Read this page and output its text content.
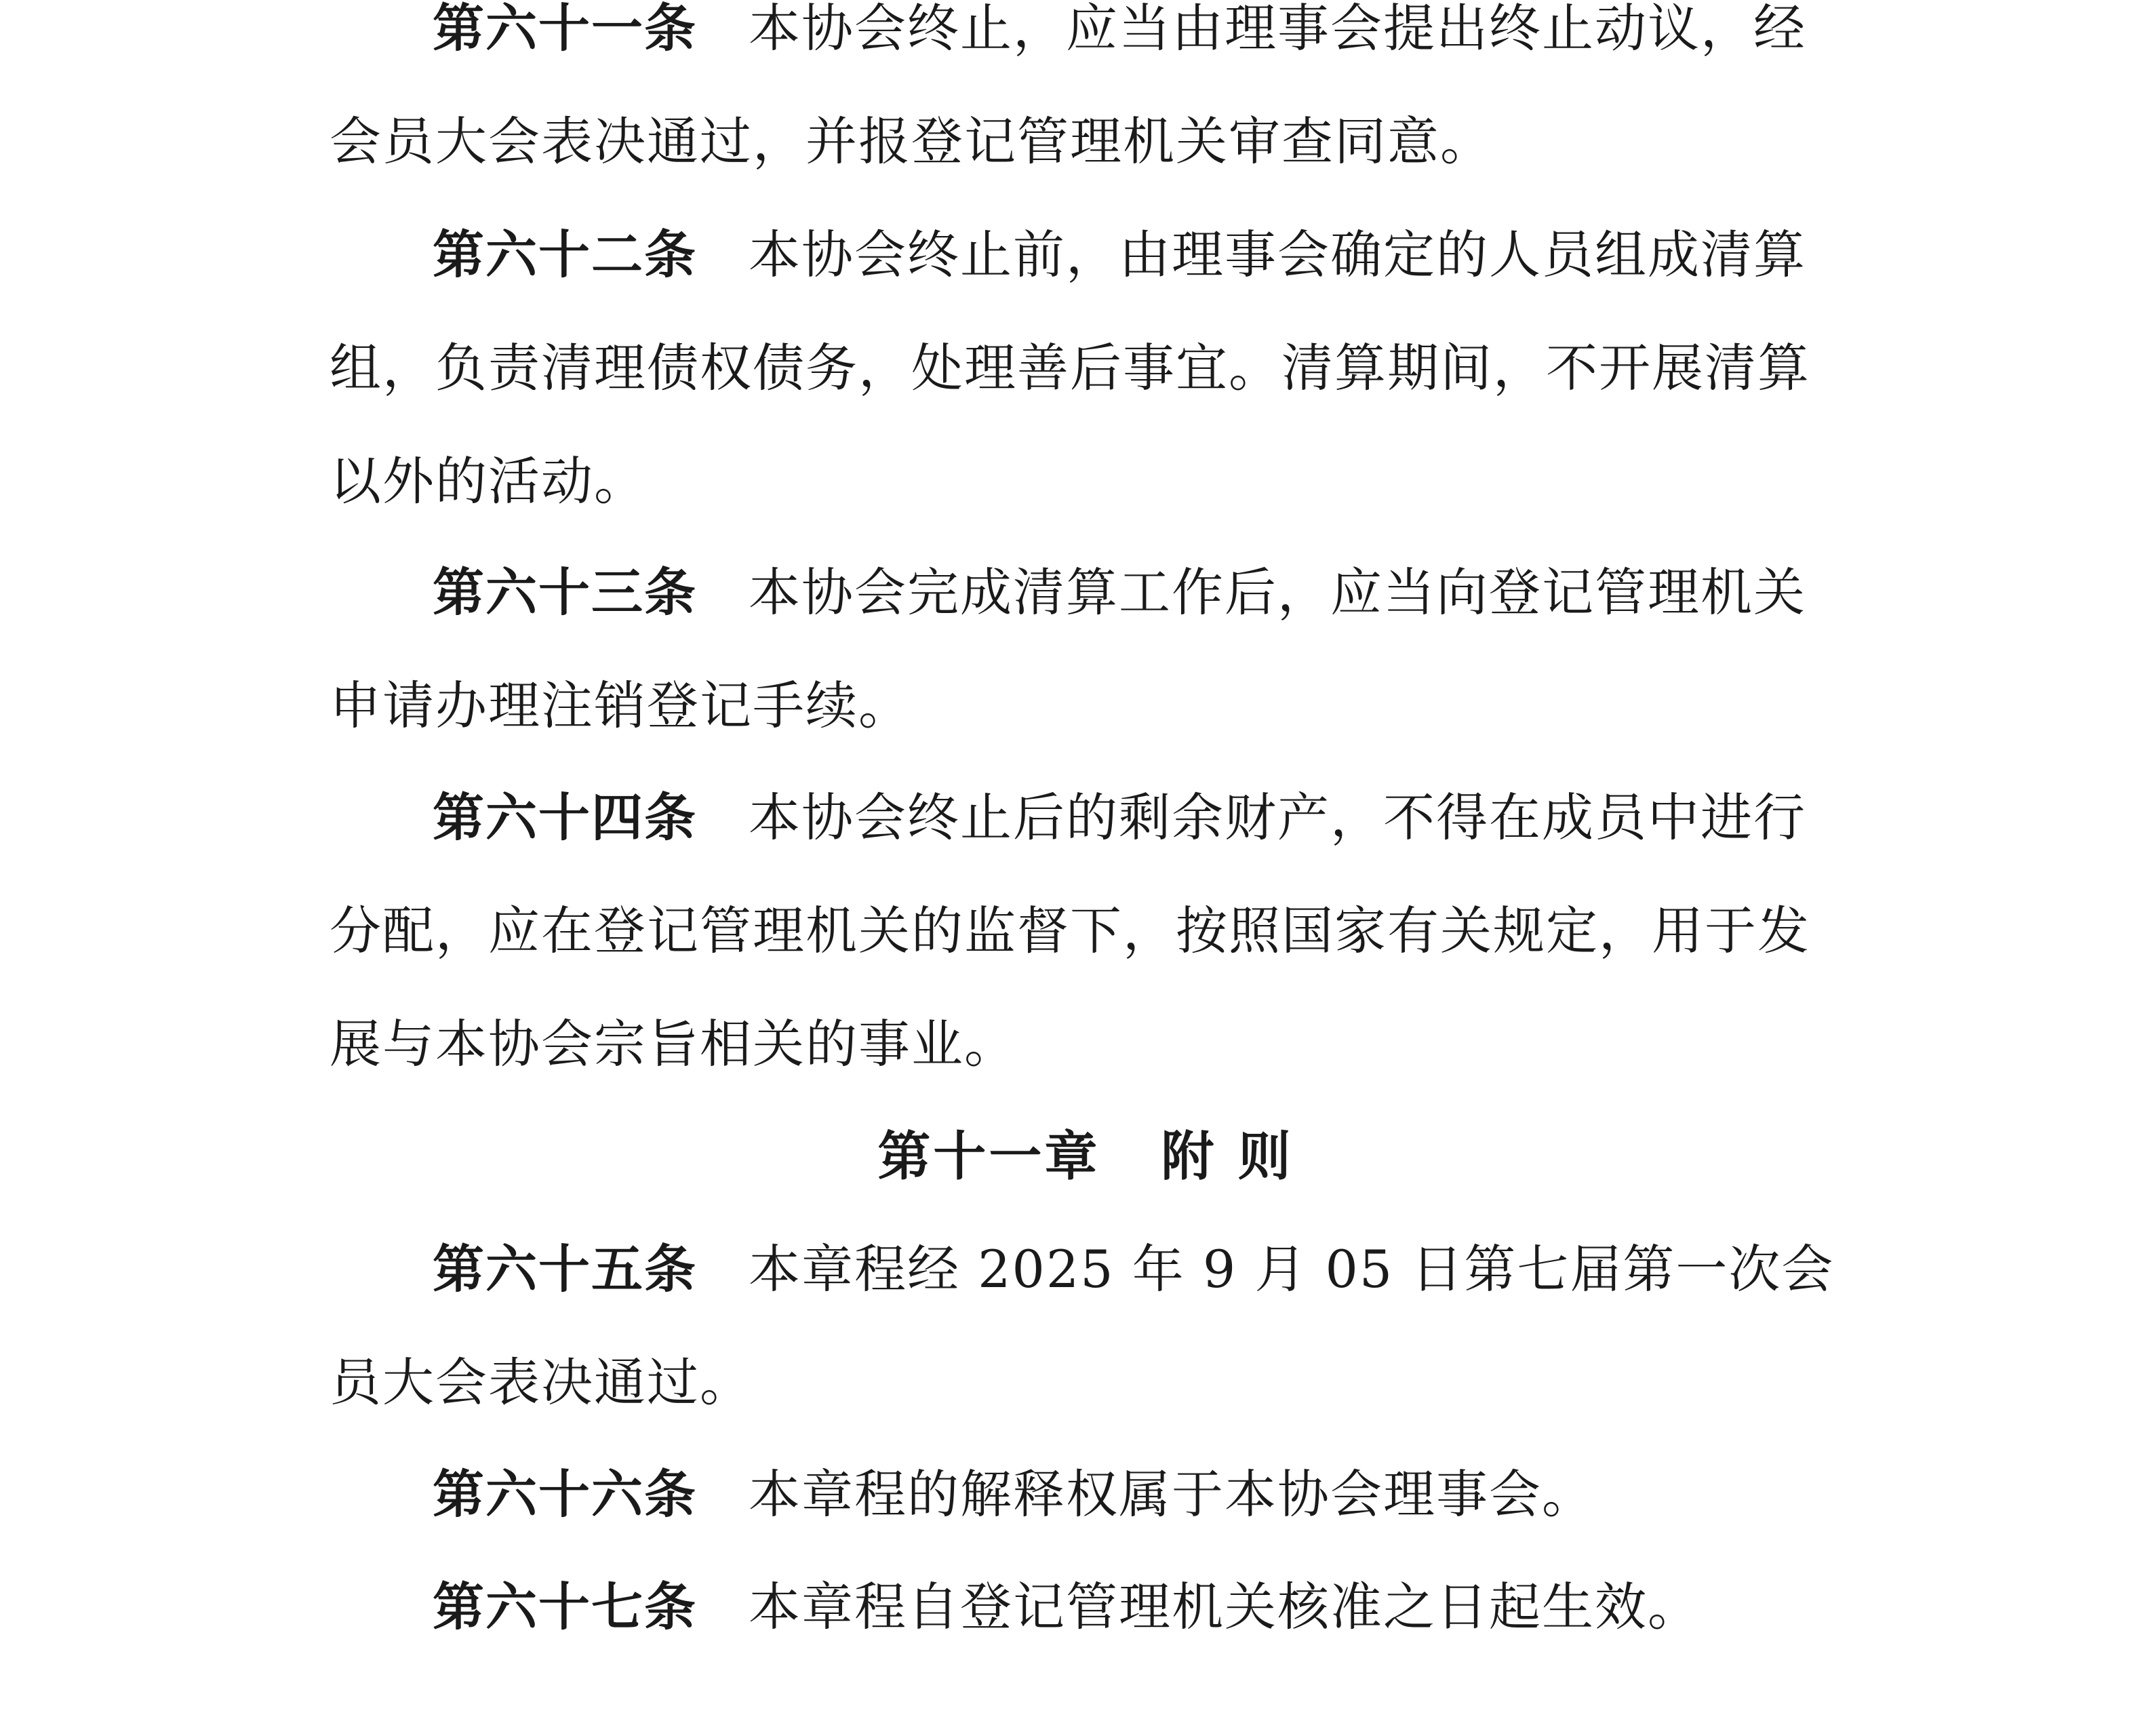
第六十一条 本协会终止，应当由理事会提出终止动议，经会员大会表决通过，并报登记管理机关审查同意。

第六十二条 本协会终止前，由理事会确定的人员组成清算组，负责清理债权债务，处理善后事宜。清算期间，不开展清算以外的活动。

第六十三条 本协会完成清算工作后，应当向登记管理机关申请办理注销登记手续。

第六十四条 本协会终止后的剩余财产，不得在成员中进行分配，应在登记管理机关的监督下，按照国家有关规定，用于发展与本协会宗旨相关的事业。

第十一章 附 则

第六十五条 本章程经 2025 年 9 月 05 日第七届第一次会员大会表决通过。

第六十六条 本章程的解释权属于本协会理事会。

第六十七条 本章程自登记管理机关核准之日起生效。
